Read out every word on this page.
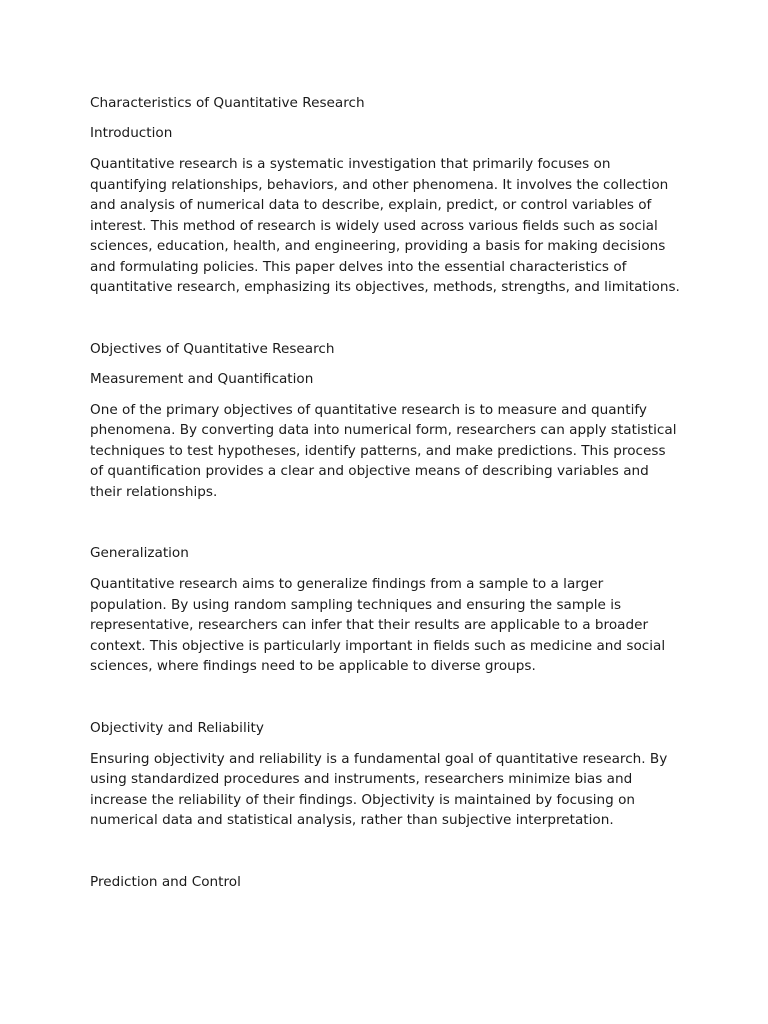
Characteristics of Quantitative Research

Introduction

Quantitative research is a systematic investigation that primarily focuses on quantifying relationships, behaviors, and other phenomena. It involves the collection and analysis of numerical data to describe, explain, predict, or control variables of interest. This method of research is widely used across various fields such as social sciences, education, health, and engineering, providing a basis for making decisions and formulating policies. This paper delves into the essential characteristics of quantitative research, emphasizing its objectives, methods, strengths, and limitations.

Objectives of Quantitative Research

Measurement and Quantification

One of the primary objectives of quantitative research is to measure and quantify phenomena. By converting data into numerical form, researchers can apply statistical techniques to test hypotheses, identify patterns, and make predictions. This process of quantification provides a clear and objective means of describing variables and their relationships.

Generalization

Quantitative research aims to generalize findings from a sample to a larger population. By using random sampling techniques and ensuring the sample is representative, researchers can infer that their results are applicable to a broader context. This objective is particularly important in fields such as medicine and social sciences, where findings need to be applicable to diverse groups.

Objectivity and Reliability

Ensuring objectivity and reliability is a fundamental goal of quantitative research. By using standardized procedures and instruments, researchers minimize bias and increase the reliability of their findings. Objectivity is maintained by focusing on numerical data and statistical analysis, rather than subjective interpretation.

Prediction and Control
